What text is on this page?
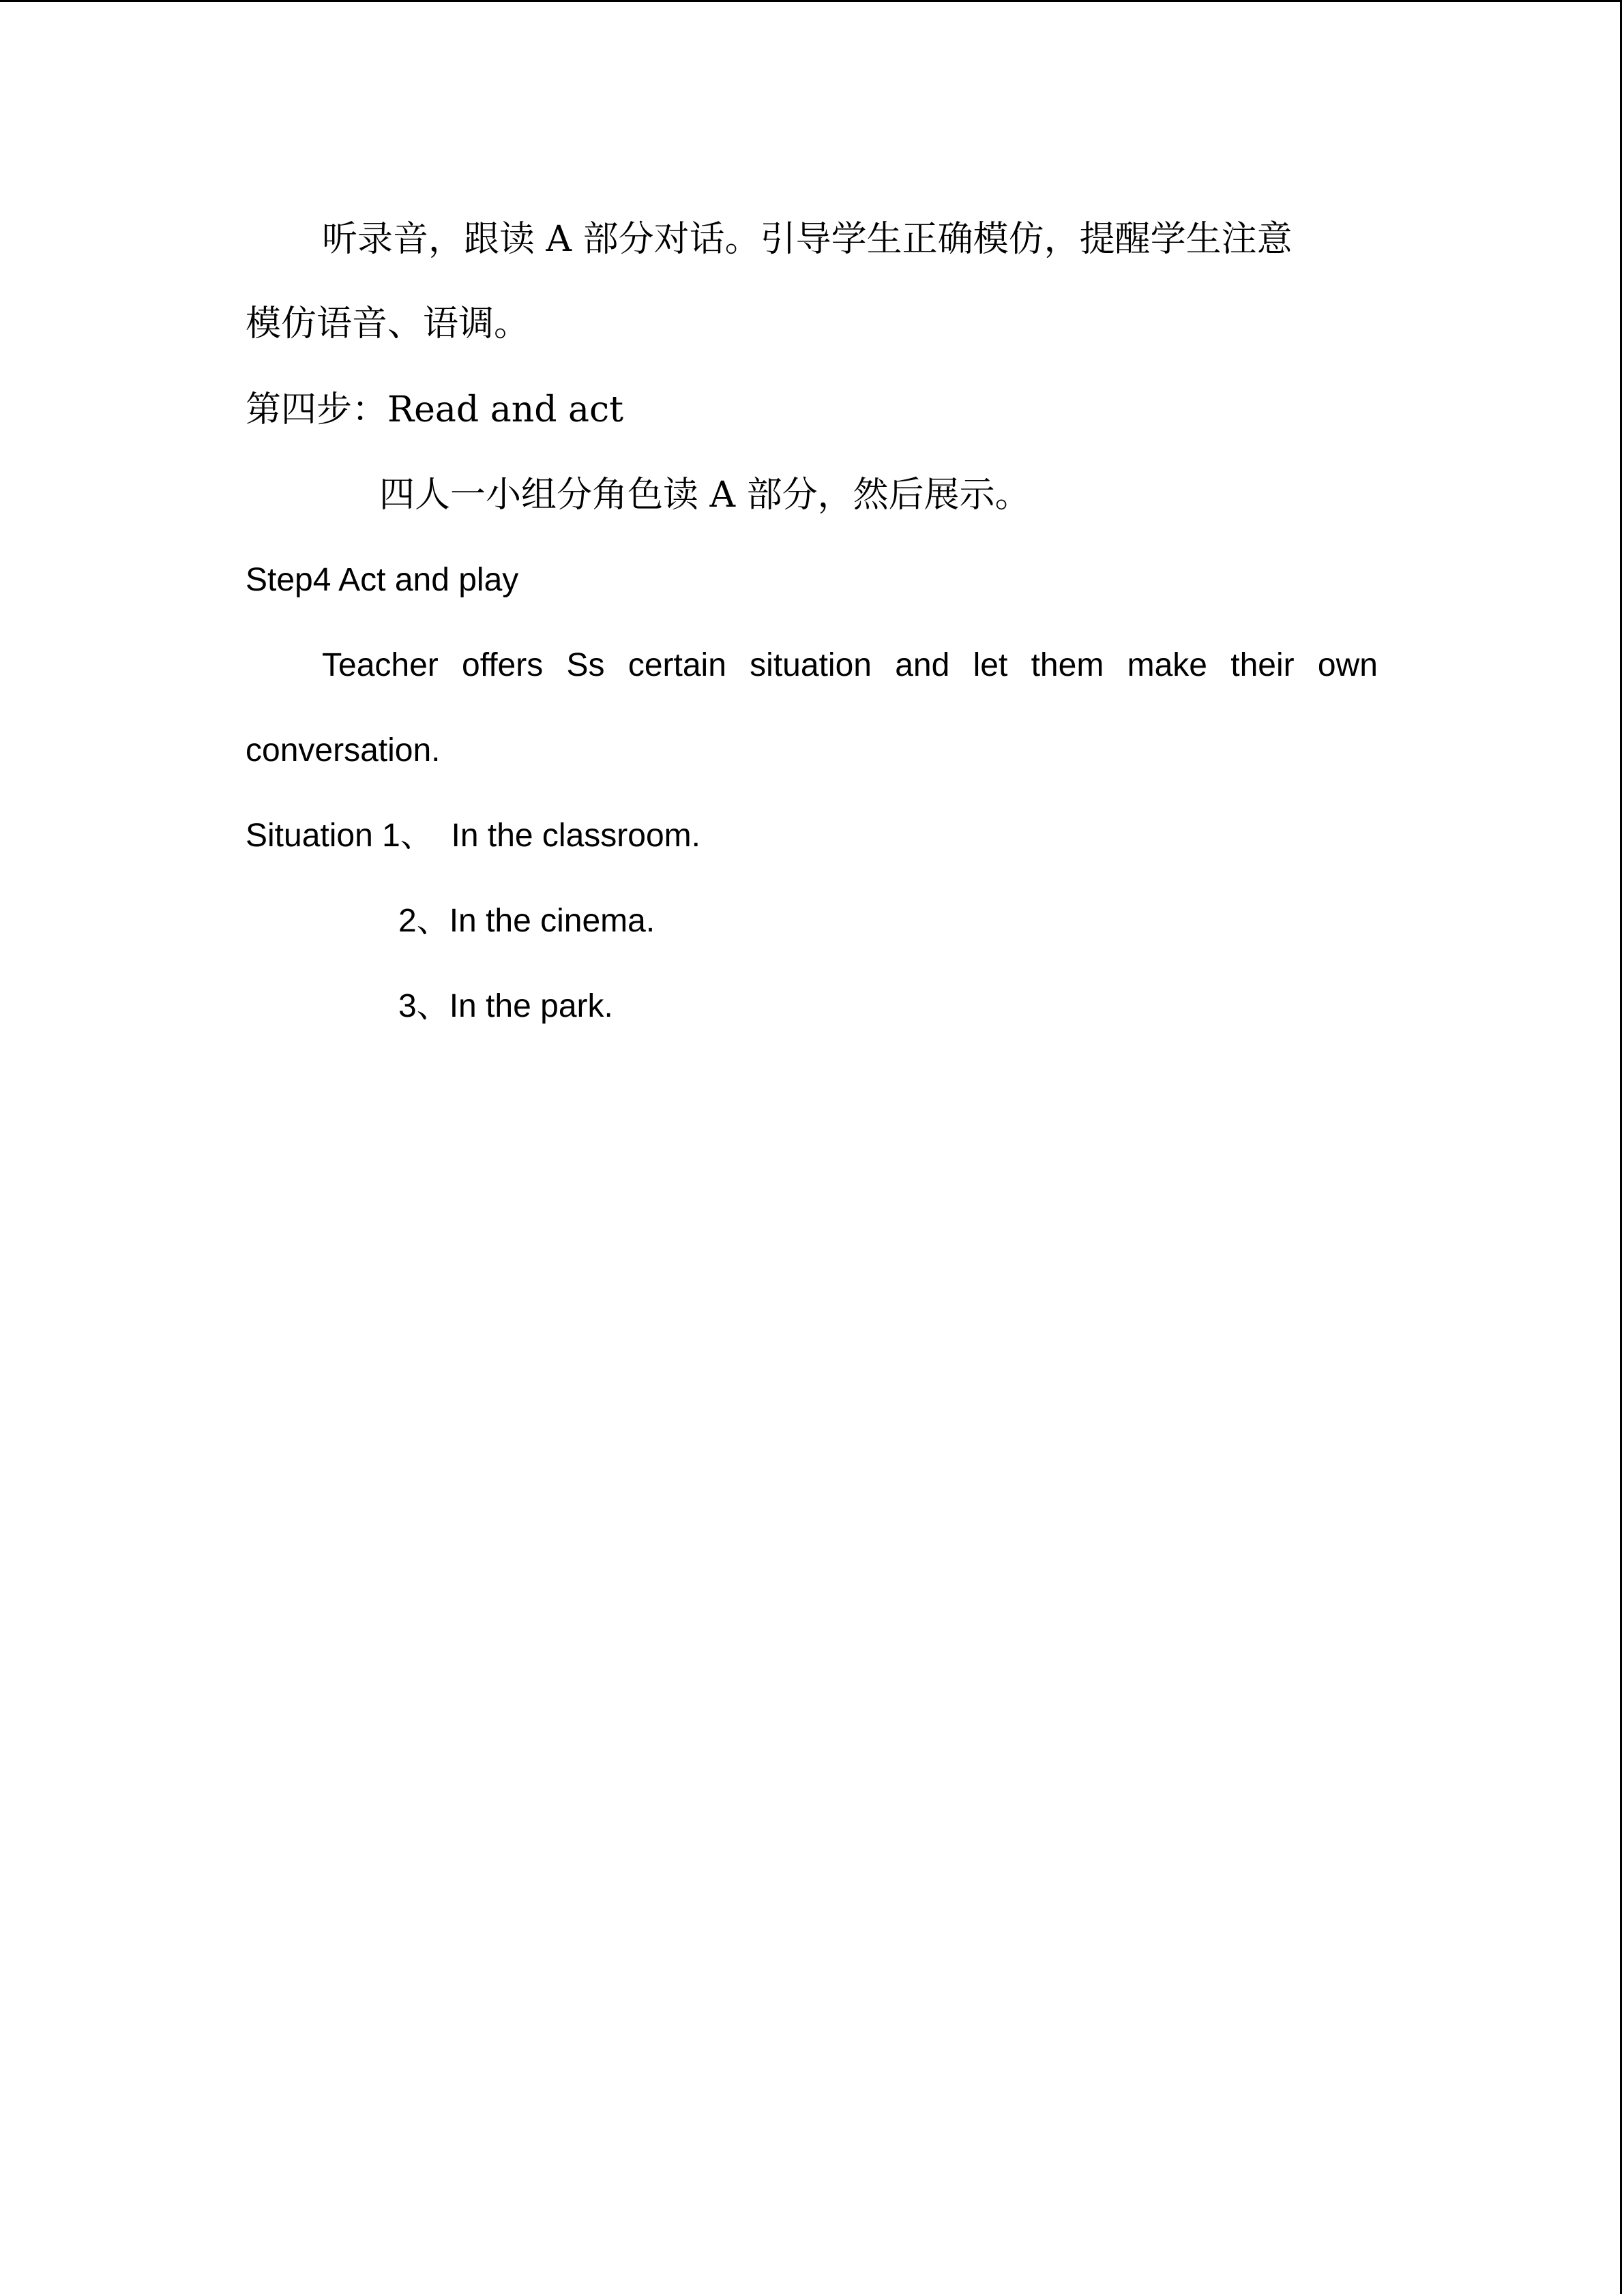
听录音，跟读 A 部分对话。引导学生正确模仿，提醒学生注意
模仿语音、语调。
第四步：Read and act
四人一小组分角色读 A 部分，然后展示。
Step4 Act and play
Teacher offers Ss certain situation and let them make their own
conversation.
Situation 1、  In the classroom.
2、In the cinema.
3、In the park.
